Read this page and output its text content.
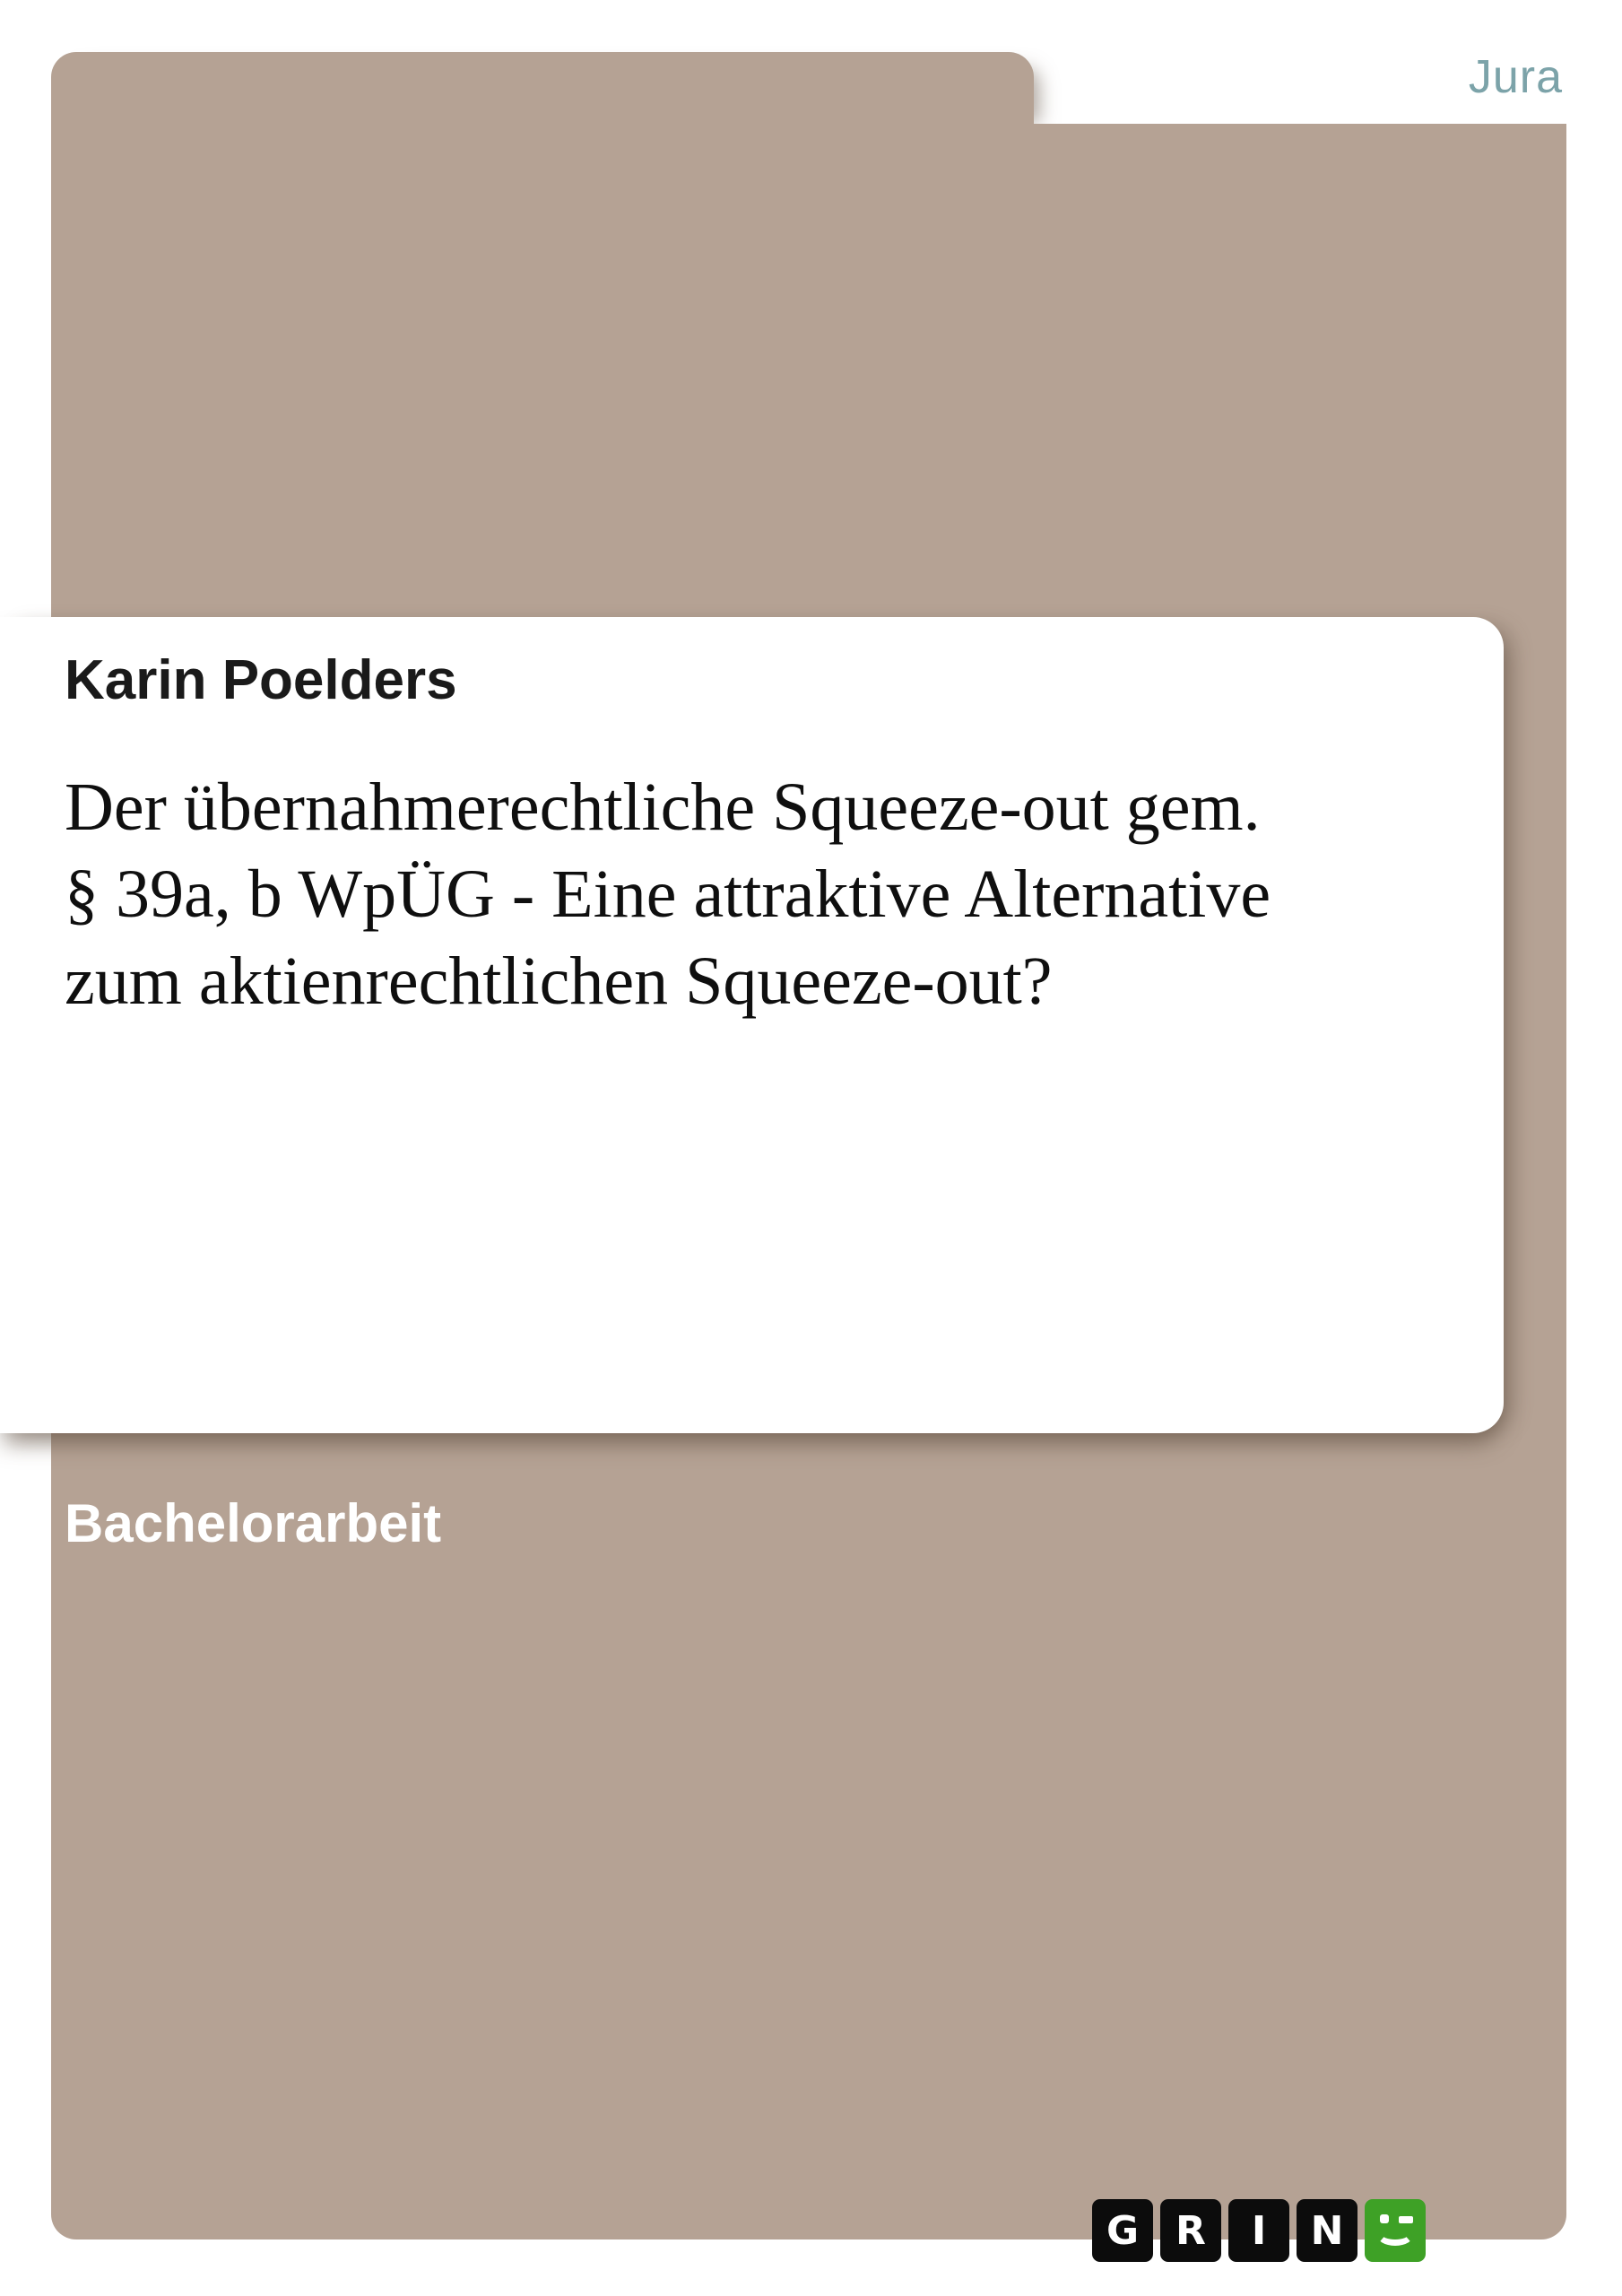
Jura
Karin Poelders
Der übernahmerechtliche Squeeze-out gem.
§ 39a, b WpÜG - Eine attraktive Alternative
zum aktienrechtlichen Squeeze-out?
Bachelorarbeit
G R I N
